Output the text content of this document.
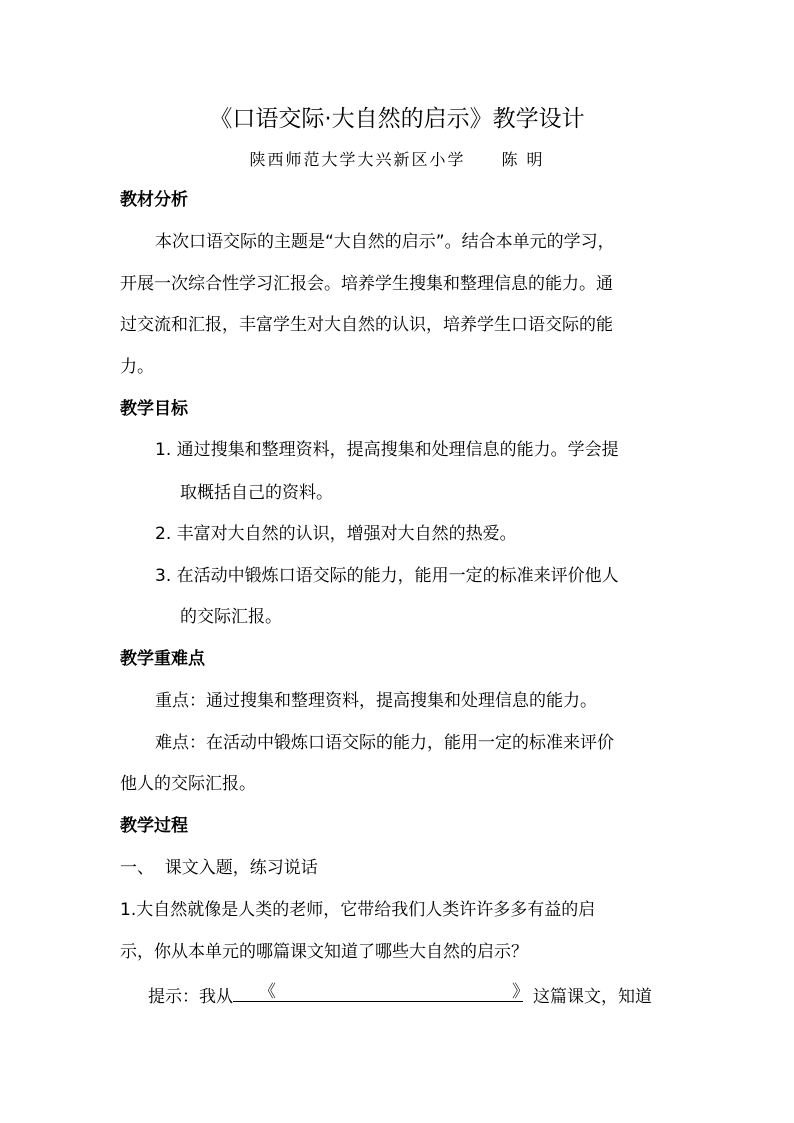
《口语交际·大自然的启示》教学设计
陕西师范大学大兴新区小学 陈 明
教材分析
本次口语交际的主题是“大自然的启示”。结合本单元的学习，
开展一次综合性学习汇报会。培养学生搜集和整理信息的能力。通
过交流和汇报，丰富学生对大自然的认识，培养学生口语交际的能
力。
教学目标
1. 通过搜集和整理资料，提高搜集和处理信息的能力。学会提
取概括自己的资料。
2. 丰富对大自然的认识，增强对大自然的热爱。
3. 在活动中锻炼口语交际的能力，能用一定的标准来评价他人
的交际汇报。
教学重难点
重点：通过搜集和整理资料，提高搜集和处理信息的能力。
难点：在活动中锻炼口语交际的能力，能用一定的标准来评价
他人的交际汇报。
教学过程
一、  课文入题，练习说话
1.大自然就像是人类的老师，它带给我们人类许许多多有益的启
示，你从本单元的哪篇课文知道了哪些大自然的启示？
提示：我从 《	》 这篇课文，知道
